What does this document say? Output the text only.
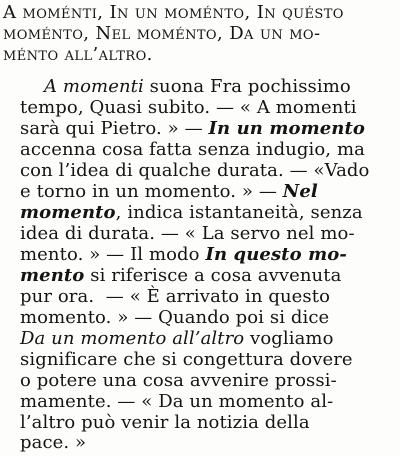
A moménti, In un moménto, In quésto
moménto, Nel moménto, Da un mo-
ménto all’altro.
A momenti suona Fra pochissimo
tempo, Quasi subito. — « A momenti
sarà qui Pietro. » — In un momento
accenna cosa fatta senza indugio, ma
con l’idea di qualche durata. — «Vado
e torno in un momento. » — Nel
momento, indica istantaneità, senza
idea di durata. — « La servo nel mo-
mento. » — Il modo In questo mo-
mento si riferisce a cosa avvenuta
pur ora.  — « È arrivato in questo
momento. » — Quando poi si dice
Da un momento all’altro vogliamo
significare che si congettura dovere
o potere una cosa avvenire prossi-
mamente. — « Da un momento al-
l’altro può venir la notizia della
pace. »
